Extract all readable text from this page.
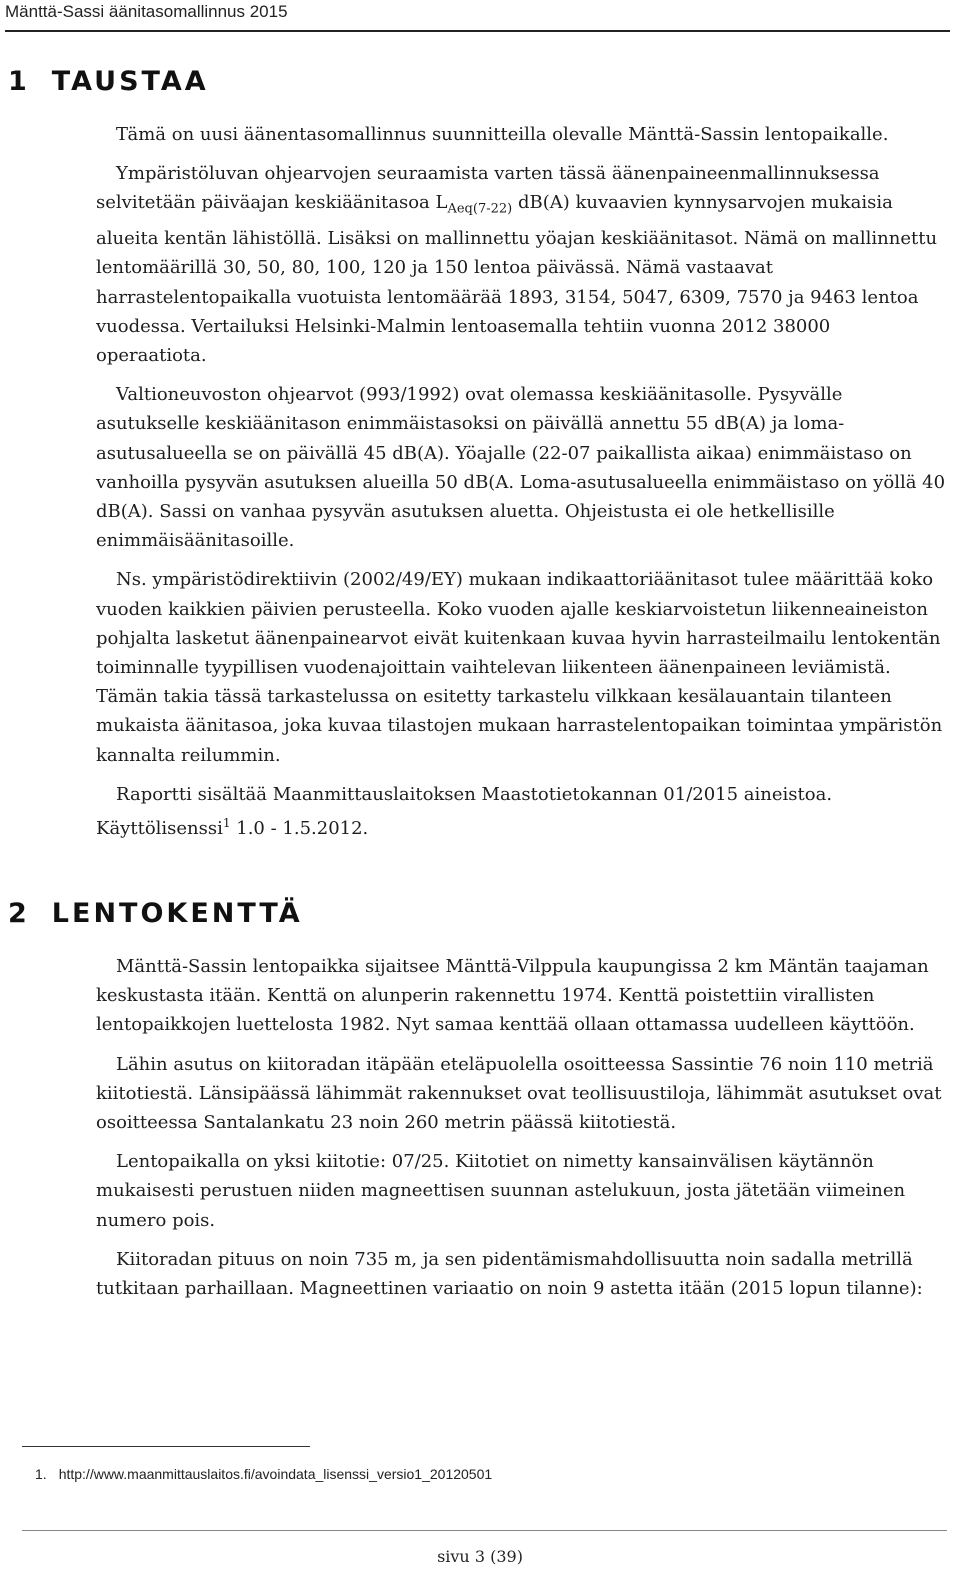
Mänttä-Sassi äänitasomallinnus 2015
1 TAUSTAA

Tämä on uusi äänentasomallinnus suunnitteilla olevalle Mänttä-Sassin lentopaikalle.

Ympäristöluvan ohjearvojen seuraamista varten tässä äänenpaineenmallinnuksessa selvitetään päiväajan keskiäänitasoa $L_{Aeq(7-22)}$ dB(A) kuvaavien kynnysarvojen mukaisia alueita kentän lähistöllä. Lisäksi on mallinnettu yöajan keskiäänitasot. Nämä on mallinnettu lentomäärillä 30, 50, 80, 100, 120 ja 150 lentoa päivässä. Nämä vastaavat harrastelentopaikalla vuotuista lentomäärää 1893, 3154, 5047, 6309, 7570 ja 9463 lentoa vuodessa. Vertailuksi Helsinki-Malmin lentoasemalla tehtiin vuonna 2012 38000 operaatiota.

Valtioneuvoston ohjearvot (993/1992) ovat olemassa keskiäänitasolle. Pysyvälle asutukselle keskiäänitason enimmäistasoksi on päivällä annettu 55 dB(A) ja loma-asutusalueella se on päivällä 45 dB(A). Yöajalle (22-07 paikallista aikaa) enimmäistaso on vanhoilla pysyvän asutuksen alueilla 50 dB(A. Loma-asutusalueella enimmäistaso on yöllä 40 dB(A). Sassi on vanhaa pysyvän asutuksen aluetta. Ohjeistusta ei ole hetkellisille enimmäisäänitasoille.

Ns. ympäristödirektiivin (2002/49/EY) mukaan indikaattoriäänitasot tulee määrittää koko vuoden kaikkien päivien perusteella. Koko vuoden ajalle keskiarvoistetun liikenneaineiston pohjalta lasketut äänenpainearvot eivät kuitenkaan kuvaa hyvin harrasteilmailu lentokentän toiminnalle tyypillisen vuodenajoittain vaihtelevan liikenteen äänenpaineen leviämistä. Tämän takia tässä tarkastelussa on esitetty tarkastelu vilkkaan kesälauantain tilanteen mukaista äänitasoa, joka kuvaa tilastojen mukaan harrastelentopaikan toimintaa ympäristön kannalta reilummin.

Raportti sisältää Maanmittauslaitoksen Maastotietokannan 01/2015 aineistoa. Käyttölisenssi$^1$ 1.0 - 1.5.2012.

2 LENTOKENTTÄ

Mänttä-Sassin lentopaikka sijaitsee Mänttä-Vilppula kaupungissa 2 km Mäntän taajaman keskustasta itään. Kenttä on alunperin rakennettu 1974. Kenttä poistettiin virallisten lentopaikkojen luettelosta 1982. Nyt samaa kenttää ollaan ottamassa uudelleen käyttöön.

Lähin asutus on kiitoradan itäpään eteläpuolella osoitteessa Sassintie 76 noin 110 metriä kiitotiestä. Länsipäässä lähimmät rakennukset ovat teollisuustiloja, lähimmät asutukset ovat osoitteessa Santalankatu 23 noin 260 metrin päässä kiitotiestä.

Lentopaikalla on yksi kiitotie: 07/25. Kiitotiet on nimetty kansainvälisen käytännön mukaisesti perustuen niiden magneettisen suunnan astelukuun, josta jätetään viimeinen numero pois.

Kiitoradan pituus on noin 735 m, ja sen pidentämismahdollisuutta noin sadalla metrillä tutkitaan parhaillaan. Magneettinen variaatio on noin 9 astetta itään (2015 lopun tilanne):

1. http://www.maanmittauslaitos.fi/avoindata_lisenssi_versio1_20120501
sivu 3 (39)
